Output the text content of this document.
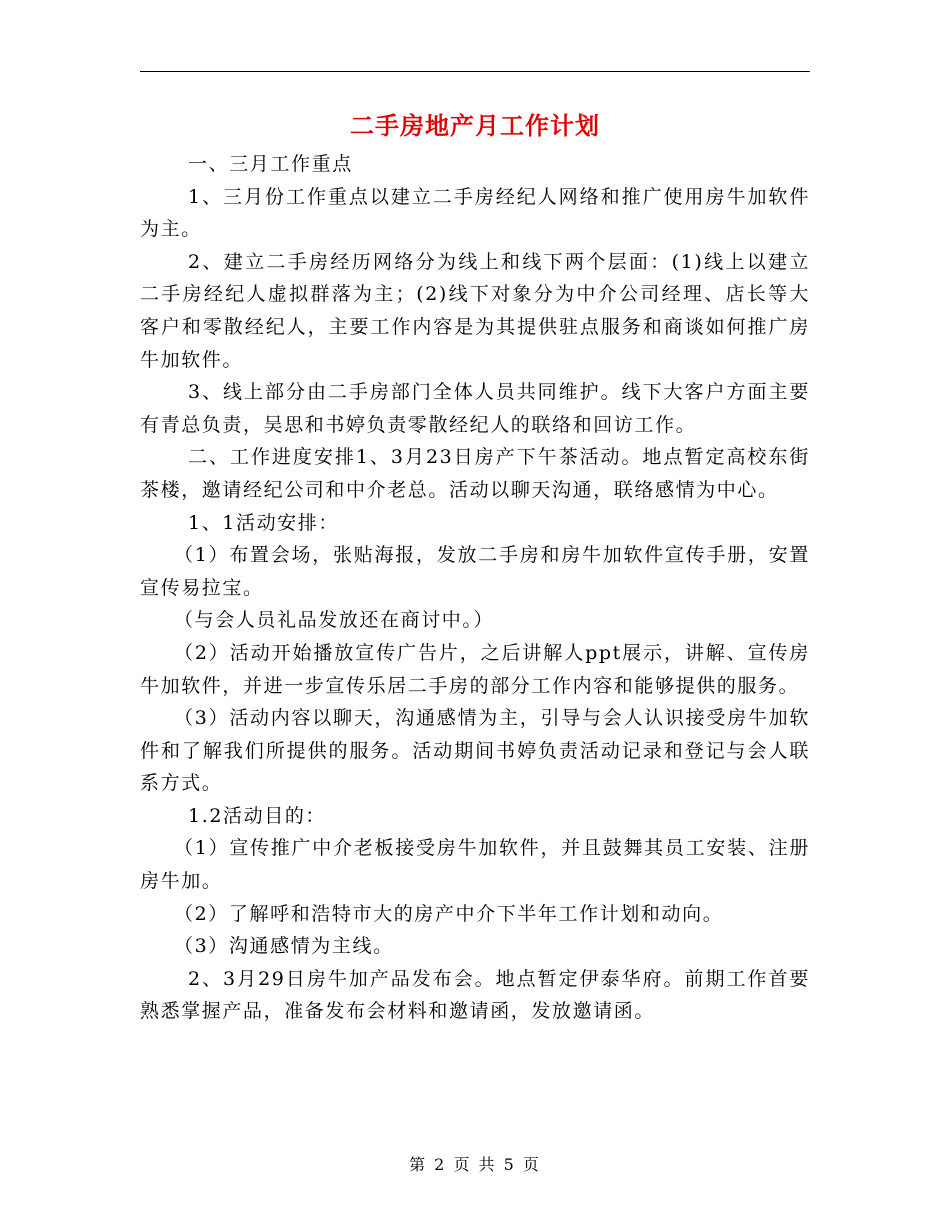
二手房地产月工作计划

一、三月工作重点

1、三月份工作重点以建立二手房经纪人网络和推广使用房牛加软件为主。

2、建立二手房经历网络分为线上和线下两个层面：(1)线上以建立二手房经纪人虚拟群落为主；(2)线下对象分为中介公司经理、店长等大客户和零散经纪人，主要工作内容是为其提供驻点服务和商谈如何推广房牛加软件。

3、线上部分由二手房部门全体人员共同维护。线下大客户方面主要有青总负责，吴思和书婷负责零散经纪人的联络和回访工作。

二、工作进度安排1、3月23日房产下午茶活动。地点暂定高校东街茶楼，邀请经纪公司和中介老总。活动以聊天沟通，联络感情为中心。

1、1活动安排：

（1）布置会场，张贴海报，发放二手房和房牛加软件宣传手册，安置宣传易拉宝。

（与会人员礼品发放还在商讨中。）

（2）活动开始播放宣传广告片，之后讲解人ppt展示，讲解、宣传房牛加软件，并进一步宣传乐居二手房的部分工作内容和能够提供的服务。

（3）活动内容以聊天，沟通感情为主，引导与会人认识接受房牛加软件和了解我们所提供的服务。活动期间书婷负责活动记录和登记与会人联系方式。

1.2活动目的：

（1）宣传推广中介老板接受房牛加软件，并且鼓舞其员工安装、注册房牛加。

（2）了解呼和浩特市大的房产中介下半年工作计划和动向。

（3）沟通感情为主线。

2、3月29日房牛加产品发布会。地点暂定伊泰华府。前期工作首要熟悉掌握产品，准备发布会材料和邀请函，发放邀请函。

第 2 页 共 5 页
